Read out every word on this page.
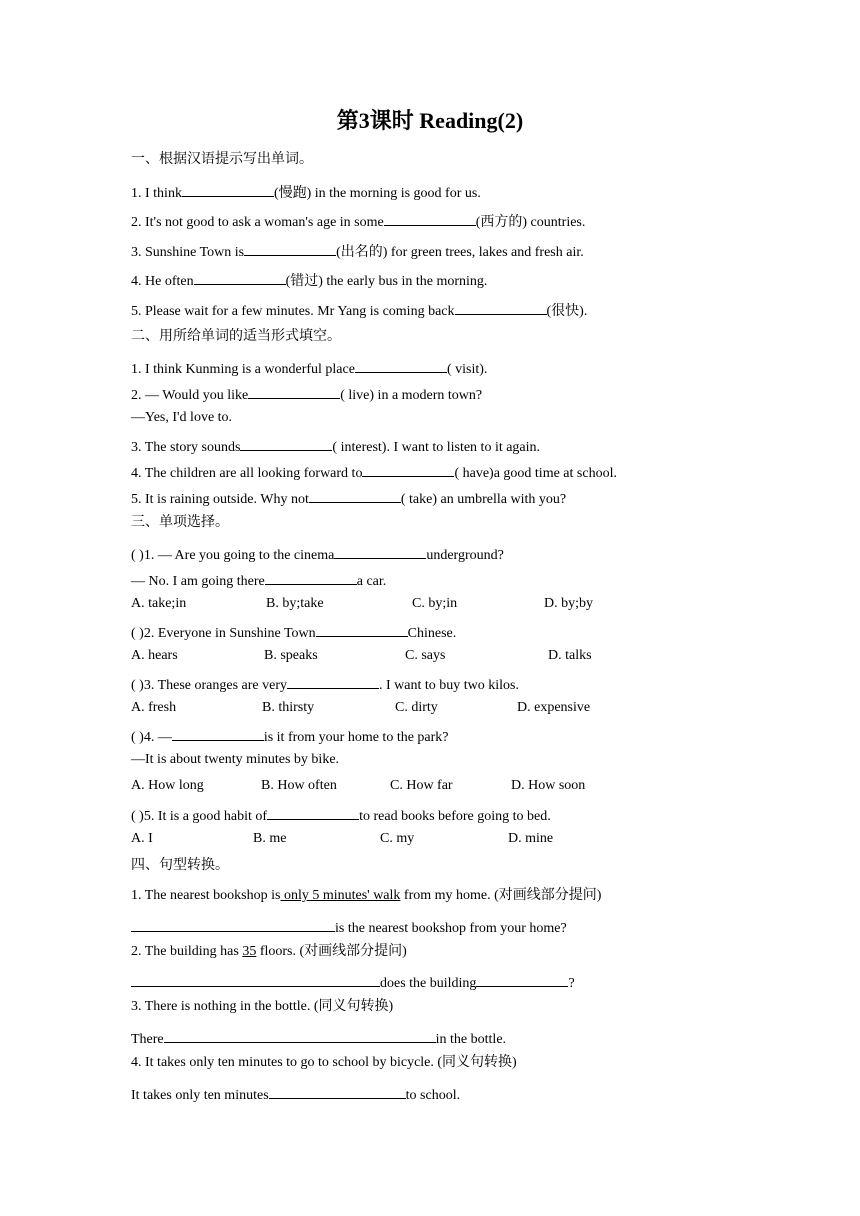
第3课时 Reading(2)
一、根据汉语提示写出单词。
1. I think	(慢跑) in the morning is good for us.
2. It's not good to ask a woman's age in some	(西方的) countries.
3. Sunshine Town is	(出名的) for green trees, lakes and fresh air.
4. He often	(错过) the early bus in the morning.
5. Please wait for a few minutes. Mr Yang is coming back	(很快).
二、用所给单词的适当形式填空。
1. I think Kunming is a wonderful place	( visit).
2. — Would you like	( live) in a modern town?
—Yes, I'd love to.
3. The story sounds	( interest). I want to listen to it again.
4. The children are all looking forward to	( have)a good time at school.
5. It is raining outside. Why not	( take) an umbrella with you?
三、单项选择。
( )1. — Are you going to the cinema	underground?
— No. I am going there	a car.
A. take;in	B. by;take	C. by;in	D. by;by
( )2. Everyone in Sunshine Town	Chinese.
A. hears	B. speaks	C. says	D. talks
( )3. These oranges are very	. I want to buy two kilos.
A. fresh	B. thirsty	C. dirty	D. expensive
( )4. —	is it from your home to the park?
—It is about twenty minutes by bike.
A. How long	B. How often	C. How far	D. How soon
( )5. It is a good habit of	to read books before going to bed.
A. I	B. me	C. my	D. mine
四、句型转换。
1. The nearest bookshop is only 5 minutes' walk from my home. (对画线部分提问)
is the nearest bookshop from your home?
2. The building has 35 floors. (对画线部分提问)
does the building	?
3. There is nothing in the bottle. (同义句转换)
There	in the bottle.
4. It takes only ten minutes to go to school by bicycle. (同义句转换)
It takes only ten minutes	to school.
